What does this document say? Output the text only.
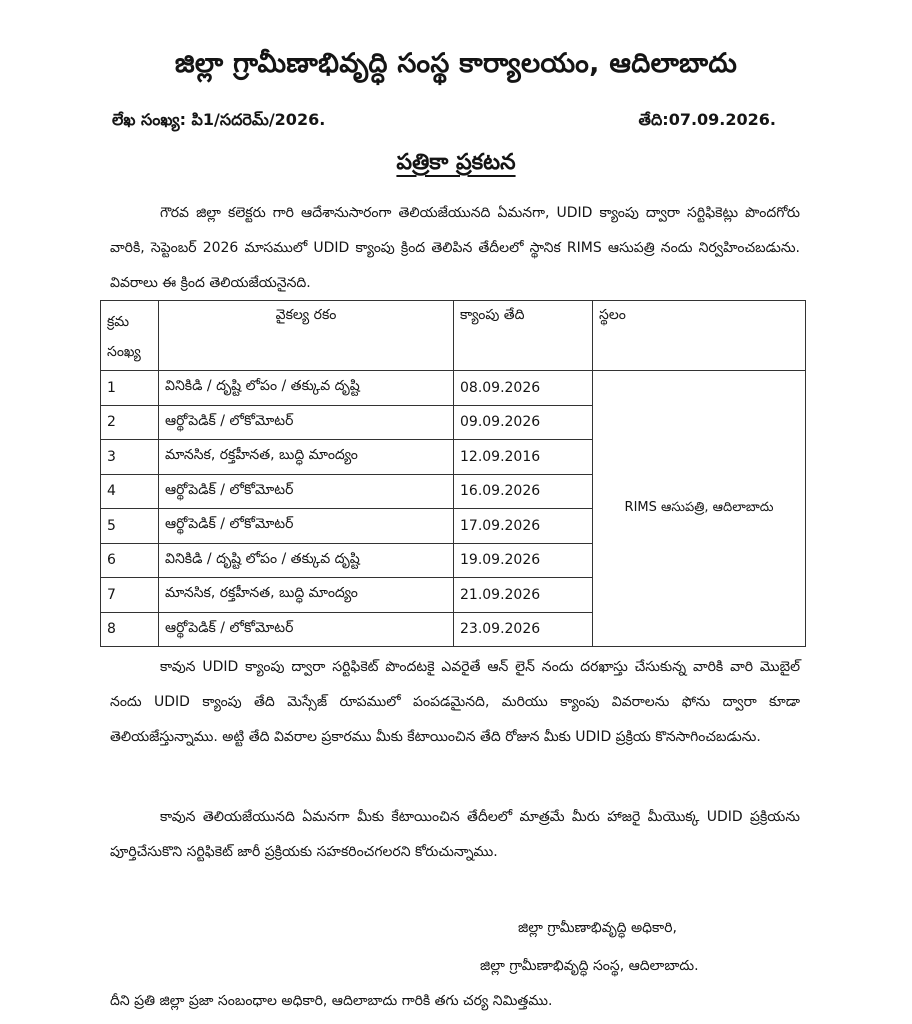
జిల్లా గ్రామీణాభివృద్ధి సంస్థ కార్యాలయం, ఆదిలాబాదు
లేఖ సంఖ్య: పి1/సదరెమ్/2026.	తేది:07.09.2026.
పత్రికా ప్రకటన
గౌరవ జిల్లా కలెక్టరు గారి ఆదేశానుసారంగా తెలియజేయునది ఏమనగా, UDID క్యాంపు ద్వారా సర్టిఫికెట్లు పొందగోరు వారికి, సెప్టెంబర్ 2026 మాసములో UDID క్యాంపు క్రింద తెలిపిన తేదీలలో స్థానిక RIMS ఆసుపత్రి నందు నిర్వహించబడును. వివరాలు ఈ క్రింద తెలియజేయనైనది.
క్రమ సంఖ్య	వైకల్య రకం	క్యాంపు తేది	స్థలం
1	వినికిడి / దృష్టి లోపం / తక్కువ దృష్టి	08.09.2026	RIMS ఆసుపత్రి, ఆదిలాబాదు
2	ఆర్థోపెడిక్ / లోకోమోటర్	09.09.2026	
3	మానసిక, రక్తహీనత, బుద్ధి మాంద్యం	12.09.2016	
4	ఆర్థోపెడిక్ / లోకోమోటర్	16.09.2026	
5	ఆర్థోపెడిక్ / లోకోమోటర్	17.09.2026	
6	వినికిడి / దృష్టి లోపం / తక్కువ దృష్టి	19.09.2026	
7	మానసిక, రక్తహీనత, బుద్ధి మాంద్యం	21.09.2026	
8	ఆర్థోపెడిక్ / లోకోమోటర్	23.09.2026	
కావున UDID క్యాంపు ద్వారా సర్టిఫికెట్ పొందటకై ఎవరైతే ఆన్ లైన్ నందు దరఖాస్తు చేసుకున్న వారికి వారి మొబైల్ నందు UDID క్యాంపు తేది మెస్సేజ్ రూపములో పంపడమైనది, మరియు క్యాంపు వివరాలను ఫోను ద్వారా కూడా తెలియజేస్తున్నాము. అట్టి తేది వివరాల ప్రకారము మీకు కేటాయించిన తేది రోజున మీకు UDID ప్రక్రియ కొనసాగించబడును.
కావున తెలియజేయునది ఏమనగా మీకు కేటాయించిన తేదీలలో మాత్రమే మీరు హాజరై మీయొక్క UDID ప్రక్రియను పూర్తిచేసుకొని సర్టిఫికెట్ జారీ ప్రక్రియకు సహకరించగలరని కోరుచున్నాము.
జిల్లా గ్రామీణాభివృద్ధి అధికారి,
జిల్లా గ్రామీణాభివృద్ధి సంస్థ, ఆదిలాబాదు.
దీని ప్రతి జిల్లా ప్రజా సంబంధాల అధికారి, ఆదిలాబాదు గారికి తగు చర్య నిమిత్తము.
